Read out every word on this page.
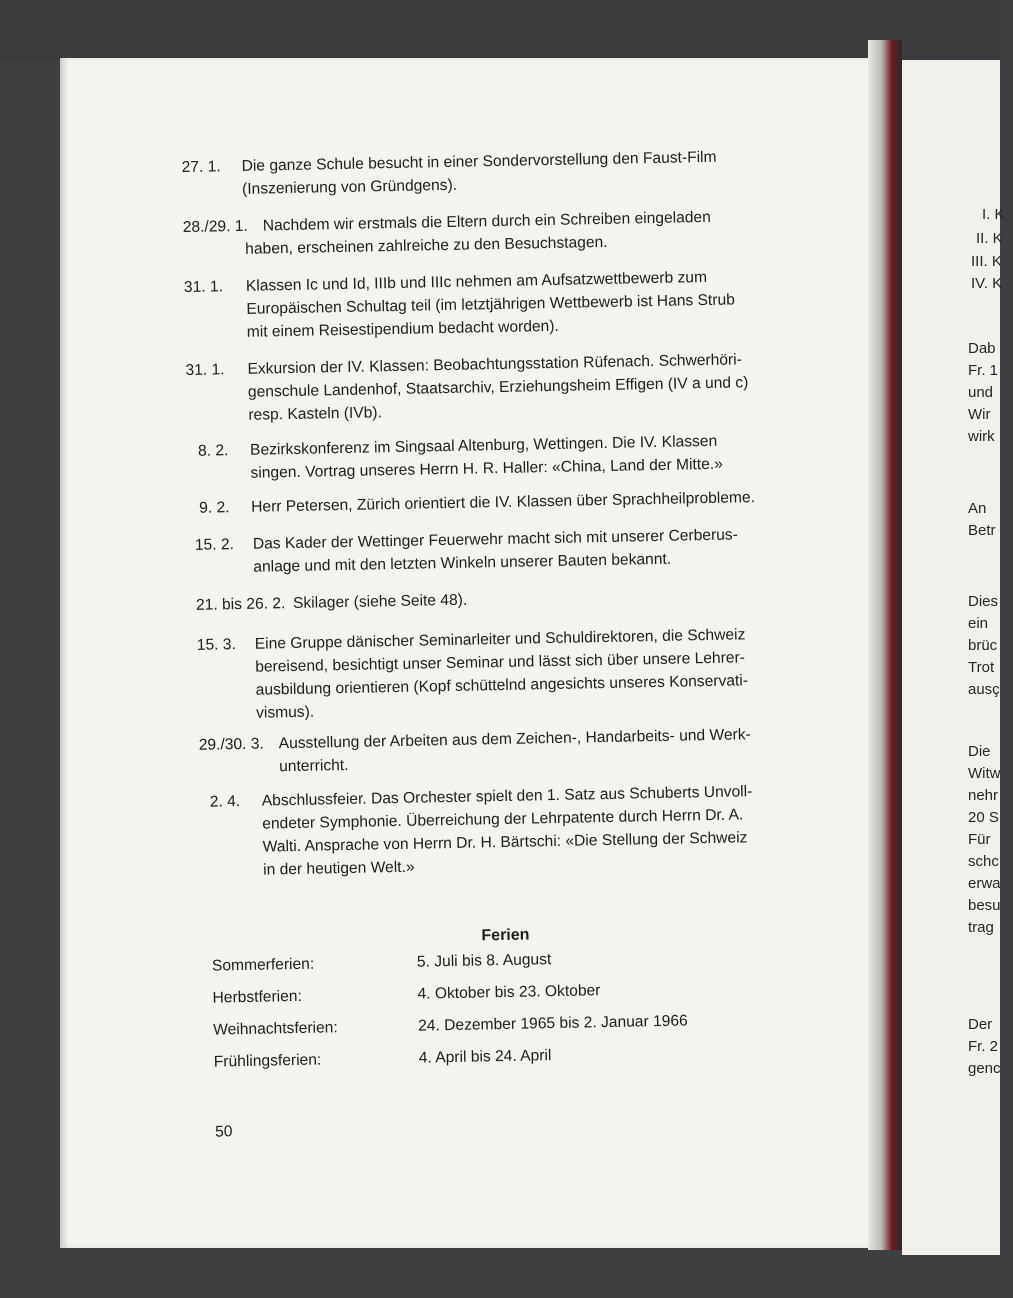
I. K
II. K
III. K
IV. K
Dab
Fr. 1
und
Wir
wirk
An
Betr
Dies
ein
brüc
Trot
ausç
Die
Witw
nehr
20 S
Für
schc
erwa
besu
trag
Der
Fr. 2
genc
27. 1. Die ganze Schule besucht in einer Sondervorstellung den Faust-Film
(Inszenierung von Gründgens).
28./29. 1. Nachdem wir erstmals die Eltern durch ein Schreiben eingeladen
haben, erscheinen zahlreiche zu den Besuchstagen.
31. 1. Klassen Ic und Id, IIIb und IIIc nehmen am Aufsatzwettbewerb zum
Europäischen Schultag teil (im letztjährigen Wettbewerb ist Hans Strub
mit einem Reisestipendium bedacht worden).
31. 1. Exkursion der IV. Klassen: Beobachtungsstation Rüfenach. Schwerhöri-
genschule Landenhof, Staatsarchiv, Erziehungsheim Effigen (IV a und c)
resp. Kasteln (IVb).
8. 2. Bezirkskonferenz im Singsaal Altenburg, Wettingen. Die IV. Klassen
singen. Vortrag unseres Herrn H. R. Haller: «China, Land der Mitte.»
9. 2. Herr Petersen, Zürich orientiert die IV. Klassen über Sprachheilprobleme.
15. 2. Das Kader der Wettinger Feuerwehr macht sich mit unserer Cerberus-
anlage und mit den letzten Winkeln unserer Bauten bekannt.
21. bis 26. 2. Skilager (siehe Seite 48).
15. 3. Eine Gruppe dänischer Seminarleiter und Schuldirektoren, die Schweiz
bereisend, besichtigt unser Seminar und lässt sich über unsere Lehrer-
ausbildung orientieren (Kopf schüttelnd angesichts unseres Konservati-
vismus).
29./30. 3. Ausstellung der Arbeiten aus dem Zeichen-, Handarbeits- und Werk-
unterricht.
2. 4. Abschlussfeier. Das Orchester spielt den 1. Satz aus Schuberts Unvoll-
endeter Symphonie. Überreichung der Lehrpatente durch Herrn Dr. A.
Walti. Ansprache von Herrn Dr. H. Bärtschi: «Die Stellung der Schweiz
in der heutigen Welt.»
Ferien
Sommerferien:	5. Juli bis 8. August
Herbstferien:	4. Oktober bis 23. Oktober
Weihnachtsferien:	24. Dezember 1965 bis 2. Januar 1966
Frühlingsferien:	4. April bis 24. April
50
